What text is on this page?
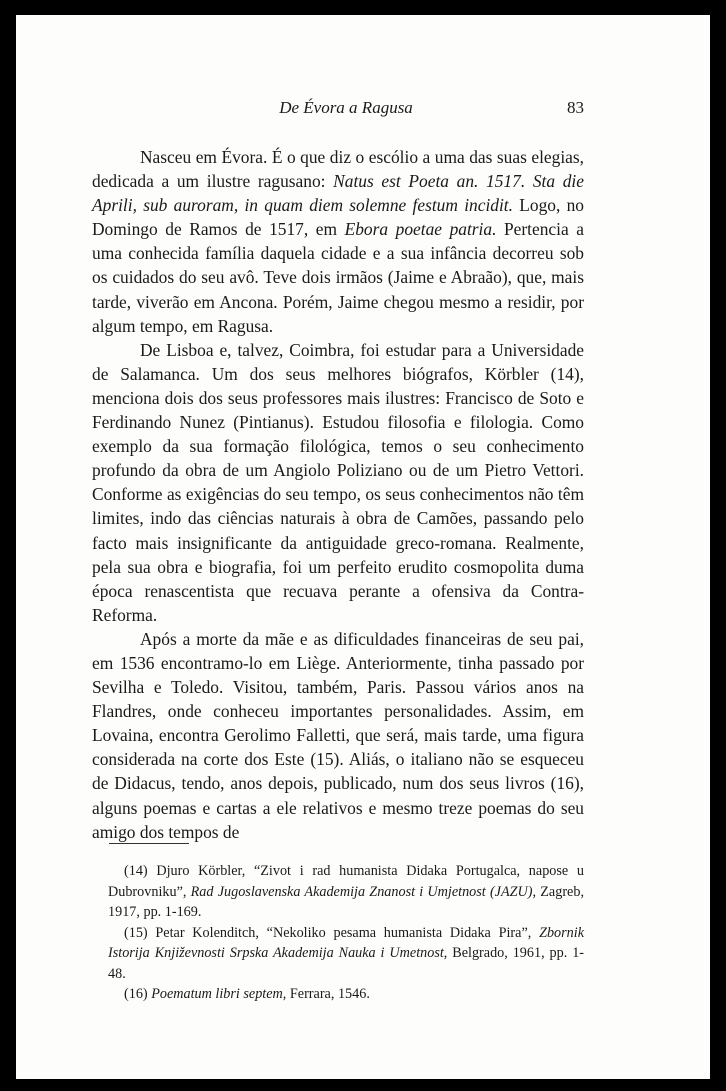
De Évora a Ragusa	83

Nasceu em Évora. É o que diz o escólio a uma das suas elegias, dedicada a um ilustre ragusano: Natus est Poeta an. 1517. Sta die Aprili, sub auroram, in quam diem solemne festum incidit. Logo, no Domingo de Ramos de 1517, em Ebora poetae patria. Pertencia a uma conhecida família daquela cidade e a sua infância decorreu sob os cuidados do seu avô. Teve dois irmãos (Jaime e Abraão), que, mais tarde, viverão em Ancona. Porém, Jaime chegou mesmo a residir, por algum tempo, em Ragusa.

De Lisboa e, talvez, Coimbra, foi estudar para a Universidade de Salamanca. Um dos seus melhores biógrafos, Körbler (14), menciona dois dos seus professores mais ilustres: Francisco de Soto e Ferdinando Nunez (Pintianus). Estudou filosofia e filologia. Como exemplo da sua formação filológica, temos o seu conhecimento profundo da obra de um Angiolo Poliziano ou de um Pietro Vettori. Conforme as exigências do seu tempo, os seus conhecimentos não têm limites, indo das ciências naturais à obra de Camões, passando pelo facto mais insignificante da antiguidade greco-romana. Realmente, pela sua obra e biografia, foi um perfeito erudito cosmopolita duma época renascentista que recuava perante a ofensiva da Contra-Reforma.

Após a morte da mãe e as dificuldades financeiras de seu pai, em 1536 encontramo-lo em Liège. Anteriormente, tinha passado por Sevilha e Toledo. Visitou, também, Paris. Passou vários anos na Flandres, onde conheceu importantes personalidades. Assim, em Lovaina, encontra Gerolimo Falletti, que será, mais tarde, uma figura considerada na corte dos Este (15). Aliás, o italiano não se esqueceu de Didacus, tendo, anos depois, publicado, num dos seus livros (16), alguns poemas e cartas a ele relativos e mesmo treze poemas do seu amigo dos tempos de

(14) Djuro Körbler, “Zivot i rad humanista Didaka Portugalca, napose u Dubrovniku”, Rad Jugoslavenska Akademija Znanost i Umjetnost (JAZU), Zagreb, 1917, pp. 1-169.

(15) Petar Kolenditch, “Nekoliko pesama humanista Didaka Pira”, Zbornik Istorija Književnosti Srpska Akademija Nauka i Umetnost, Belgrado, 1961, pp. 1-48.

(16) Poematum libri septem, Ferrara, 1546.
